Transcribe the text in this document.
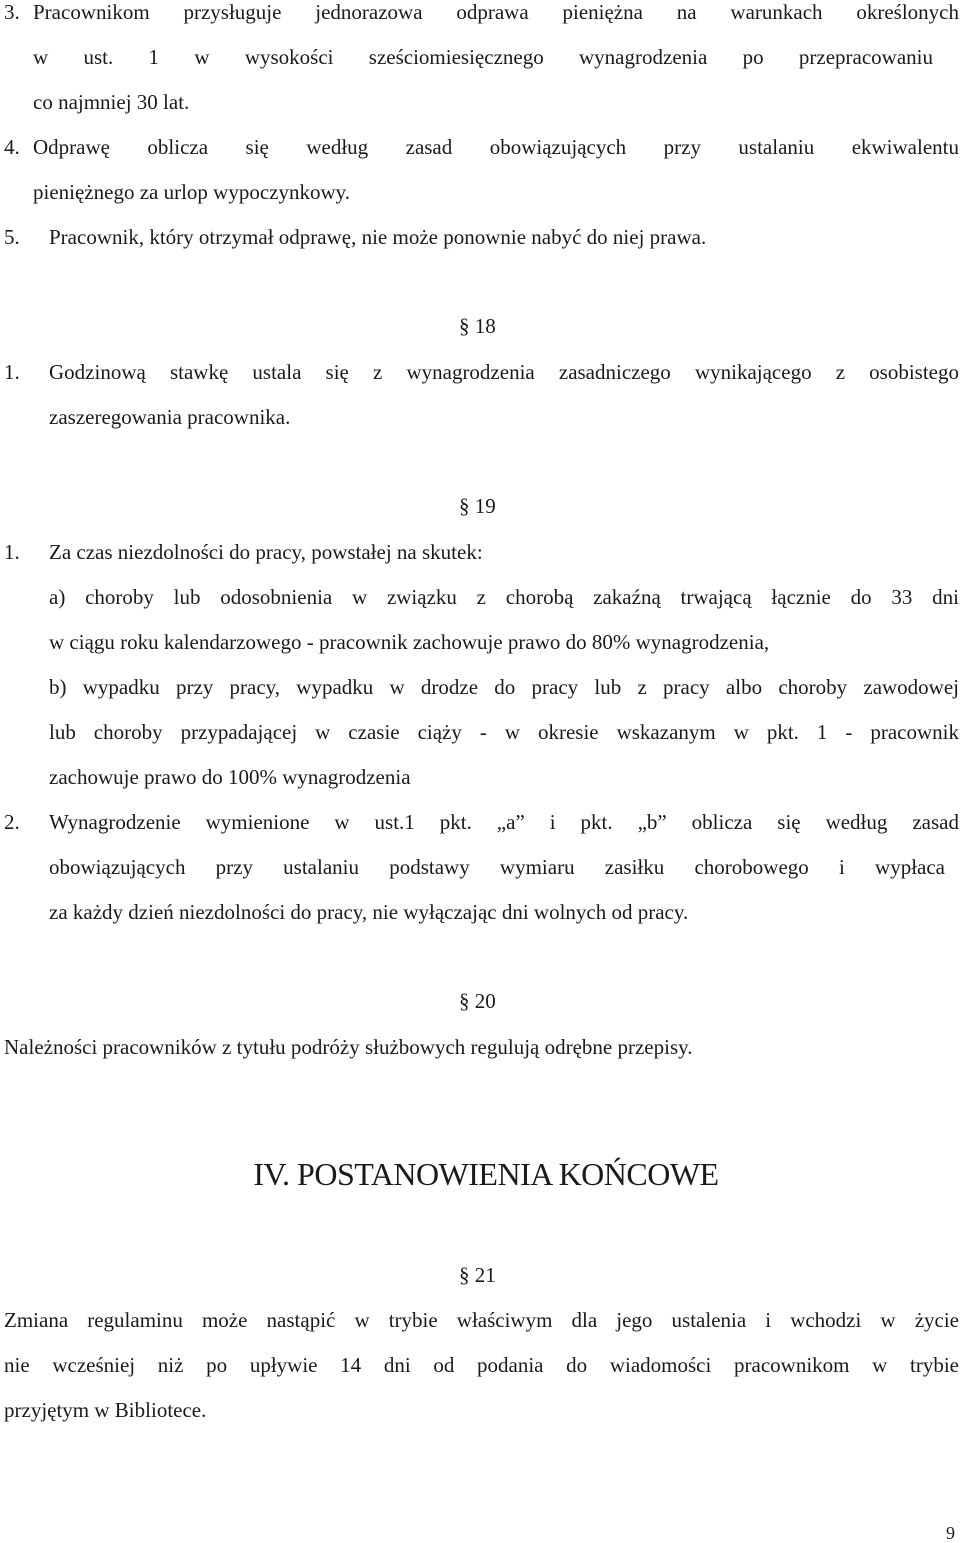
3. Pracownikom przysługuje jednorazowa odprawa pieniężna na warunkach określonych
w ust. 1 w wysokości sześciomiesięcznego wynagrodzenia po przepracowaniu
co najmniej 30 lat.
4. Odprawę oblicza się według zasad obowiązujących przy ustalaniu ekwiwalentu
pieniężnego za urlop wypoczynkowy.
5. Pracownik, który otrzymał odprawę, nie może ponownie nabyć do niej prawa.
§ 18
1. Godzinową stawkę ustala się z wynagrodzenia zasadniczego wynikającego z osobistego
zaszeregowania pracownika.
§ 19
1. Za czas niezdolności do pracy, powstałej na skutek:
a) choroby lub odosobnienia w związku z chorobą zakaźną trwającą łącznie do 33 dni
w ciągu roku kalendarzowego - pracownik zachowuje prawo do 80% wynagrodzenia,
b) wypadku przy pracy, wypadku w drodze do pracy lub z pracy albo choroby zawodowej
lub choroby przypadającej w czasie ciąży - w okresie wskazanym w pkt. 1 - pracownik
zachowuje prawo do 100% wynagrodzenia
2. Wynagrodzenie wymienione w ust.1 pkt. „a” i pkt. „b” oblicza się według zasad
obowiązujących przy ustalaniu podstawy wymiaru zasiłku chorobowego i wypłaca
za każdy dzień niezdolności do pracy, nie wyłączając dni wolnych od pracy.
§ 20
Należności pracowników z tytułu podróży służbowych regulują odrębne przepisy.
IV. POSTANOWIENIA KOŃCOWE
§ 21
Zmiana regulaminu może nastąpić w trybie właściwym dla jego ustalenia i wchodzi w życie
nie wcześniej niż po upływie 14 dni od podania do wiadomości pracownikom w trybie
przyjętym w Bibliotece.
9
